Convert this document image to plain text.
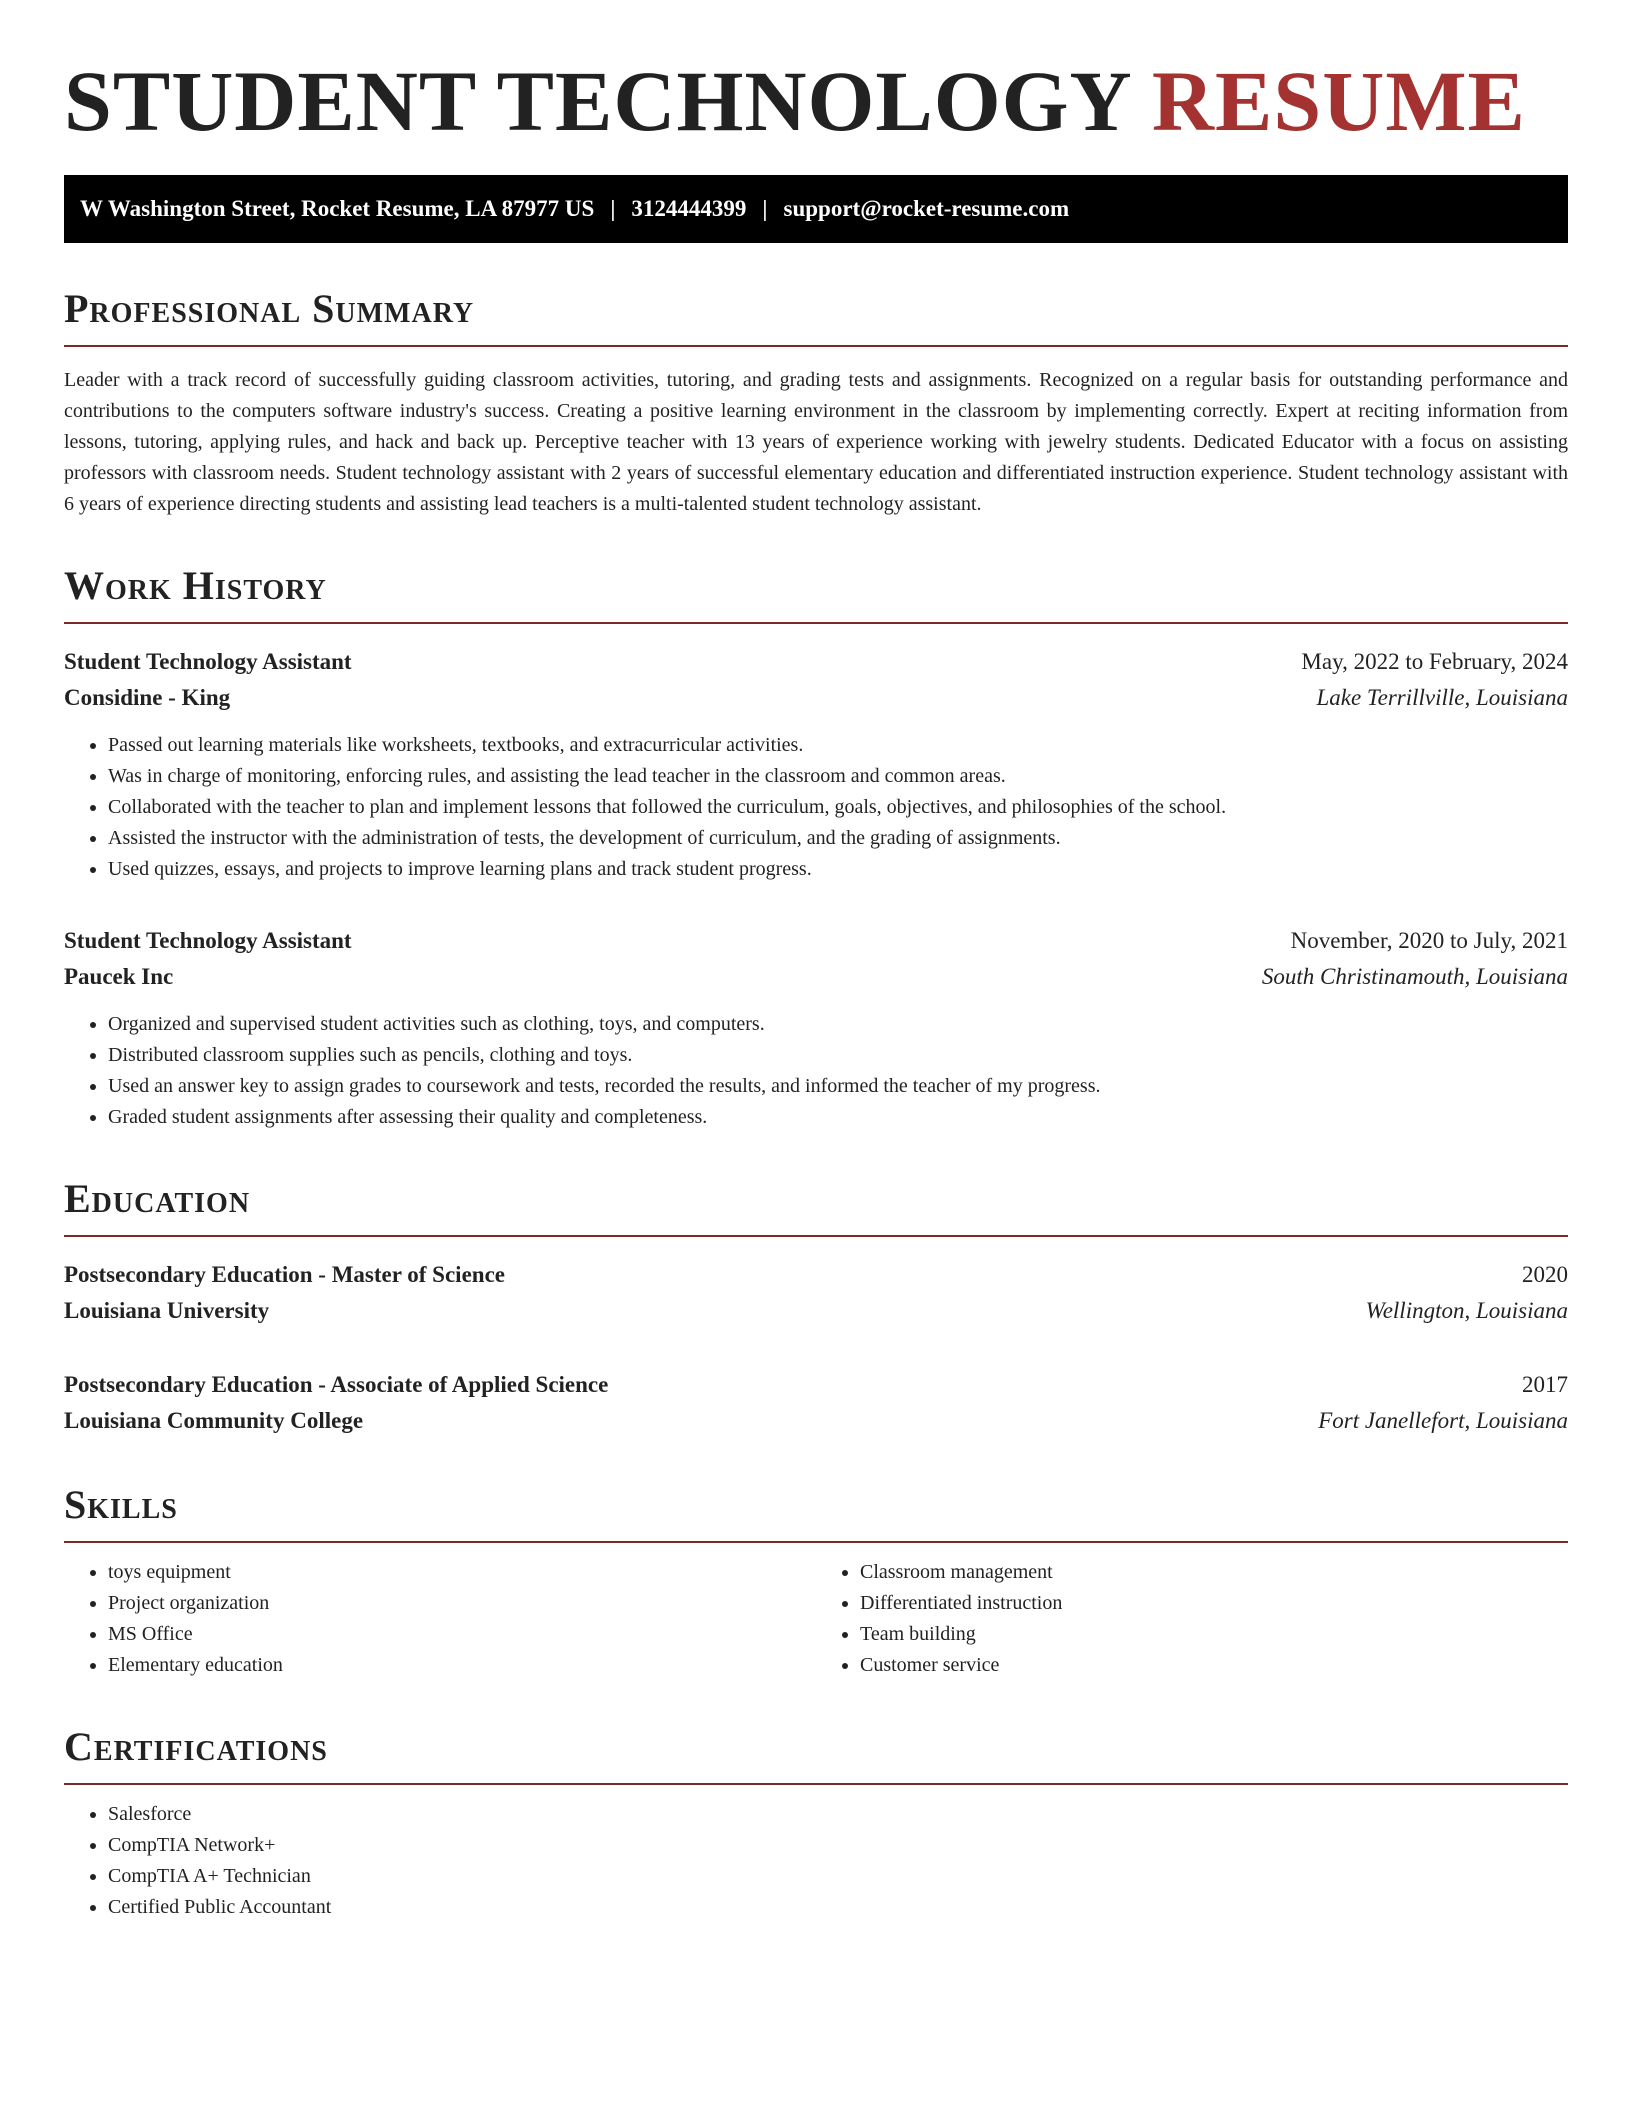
STUDENT TECHNOLOGY RESUME
W Washington Street, Rocket Resume, LA 87977 US | 3124444399 | support@rocket-resume.com
Professional Summary

Leader with a track record of successfully guiding classroom activities, tutoring, and grading tests and assignments. Recognized on a regular basis for outstanding performance and contributions to the computers software industry's success. Creating a positive learning environment in the classroom by implementing correctly. Expert at reciting information from lessons, tutoring, applying rules, and hack and back up. Perceptive teacher with 13 years of experience working with jewelry students. Dedicated Educator with a focus on assisting professors with classroom needs. Student technology assistant with 2 years of successful elementary education and differentiated instruction experience. Student technology assistant with 6 years of experience directing students and assisting lead teachers is a multi-talented student technology assistant.

Work History
Student Technology Assistant	May, 2022 to February, 2024
Considine - King	Lake Terrillville, Louisiana
• Passed out learning materials like worksheets, textbooks, and extracurricular activities.
• Was in charge of monitoring, enforcing rules, and assisting the lead teacher in the classroom and common areas.
• Collaborated with the teacher to plan and implement lessons that followed the curriculum, goals, objectives, and philosophies of the school.
• Assisted the instructor with the administration of tests, the development of curriculum, and the grading of assignments.
• Used quizzes, essays, and projects to improve learning plans and track student progress.
Student Technology Assistant	November, 2020 to July, 2021
Paucek Inc	South Christinamouth, Louisiana
• Organized and supervised student activities such as clothing, toys, and computers.
• Distributed classroom supplies such as pencils, clothing and toys.
• Used an answer key to assign grades to coursework and tests, recorded the results, and informed the teacher of my progress.
• Graded student assignments after assessing their quality and completeness.
Education
Postsecondary Education - Master of Science	2020
Louisiana University	Wellington, Louisiana
Postsecondary Education - Associate of Applied Science	2017
Louisiana Community College	Fort Janellefort, Louisiana
Skills
• toys equipment
• Project organization
• MS Office
• Elementary education
• Classroom management
• Differentiated instruction
• Team building
• Customer service
Certifications
• Salesforce
• CompTIA Network+
• CompTIA A+ Technician
• Certified Public Accountant
